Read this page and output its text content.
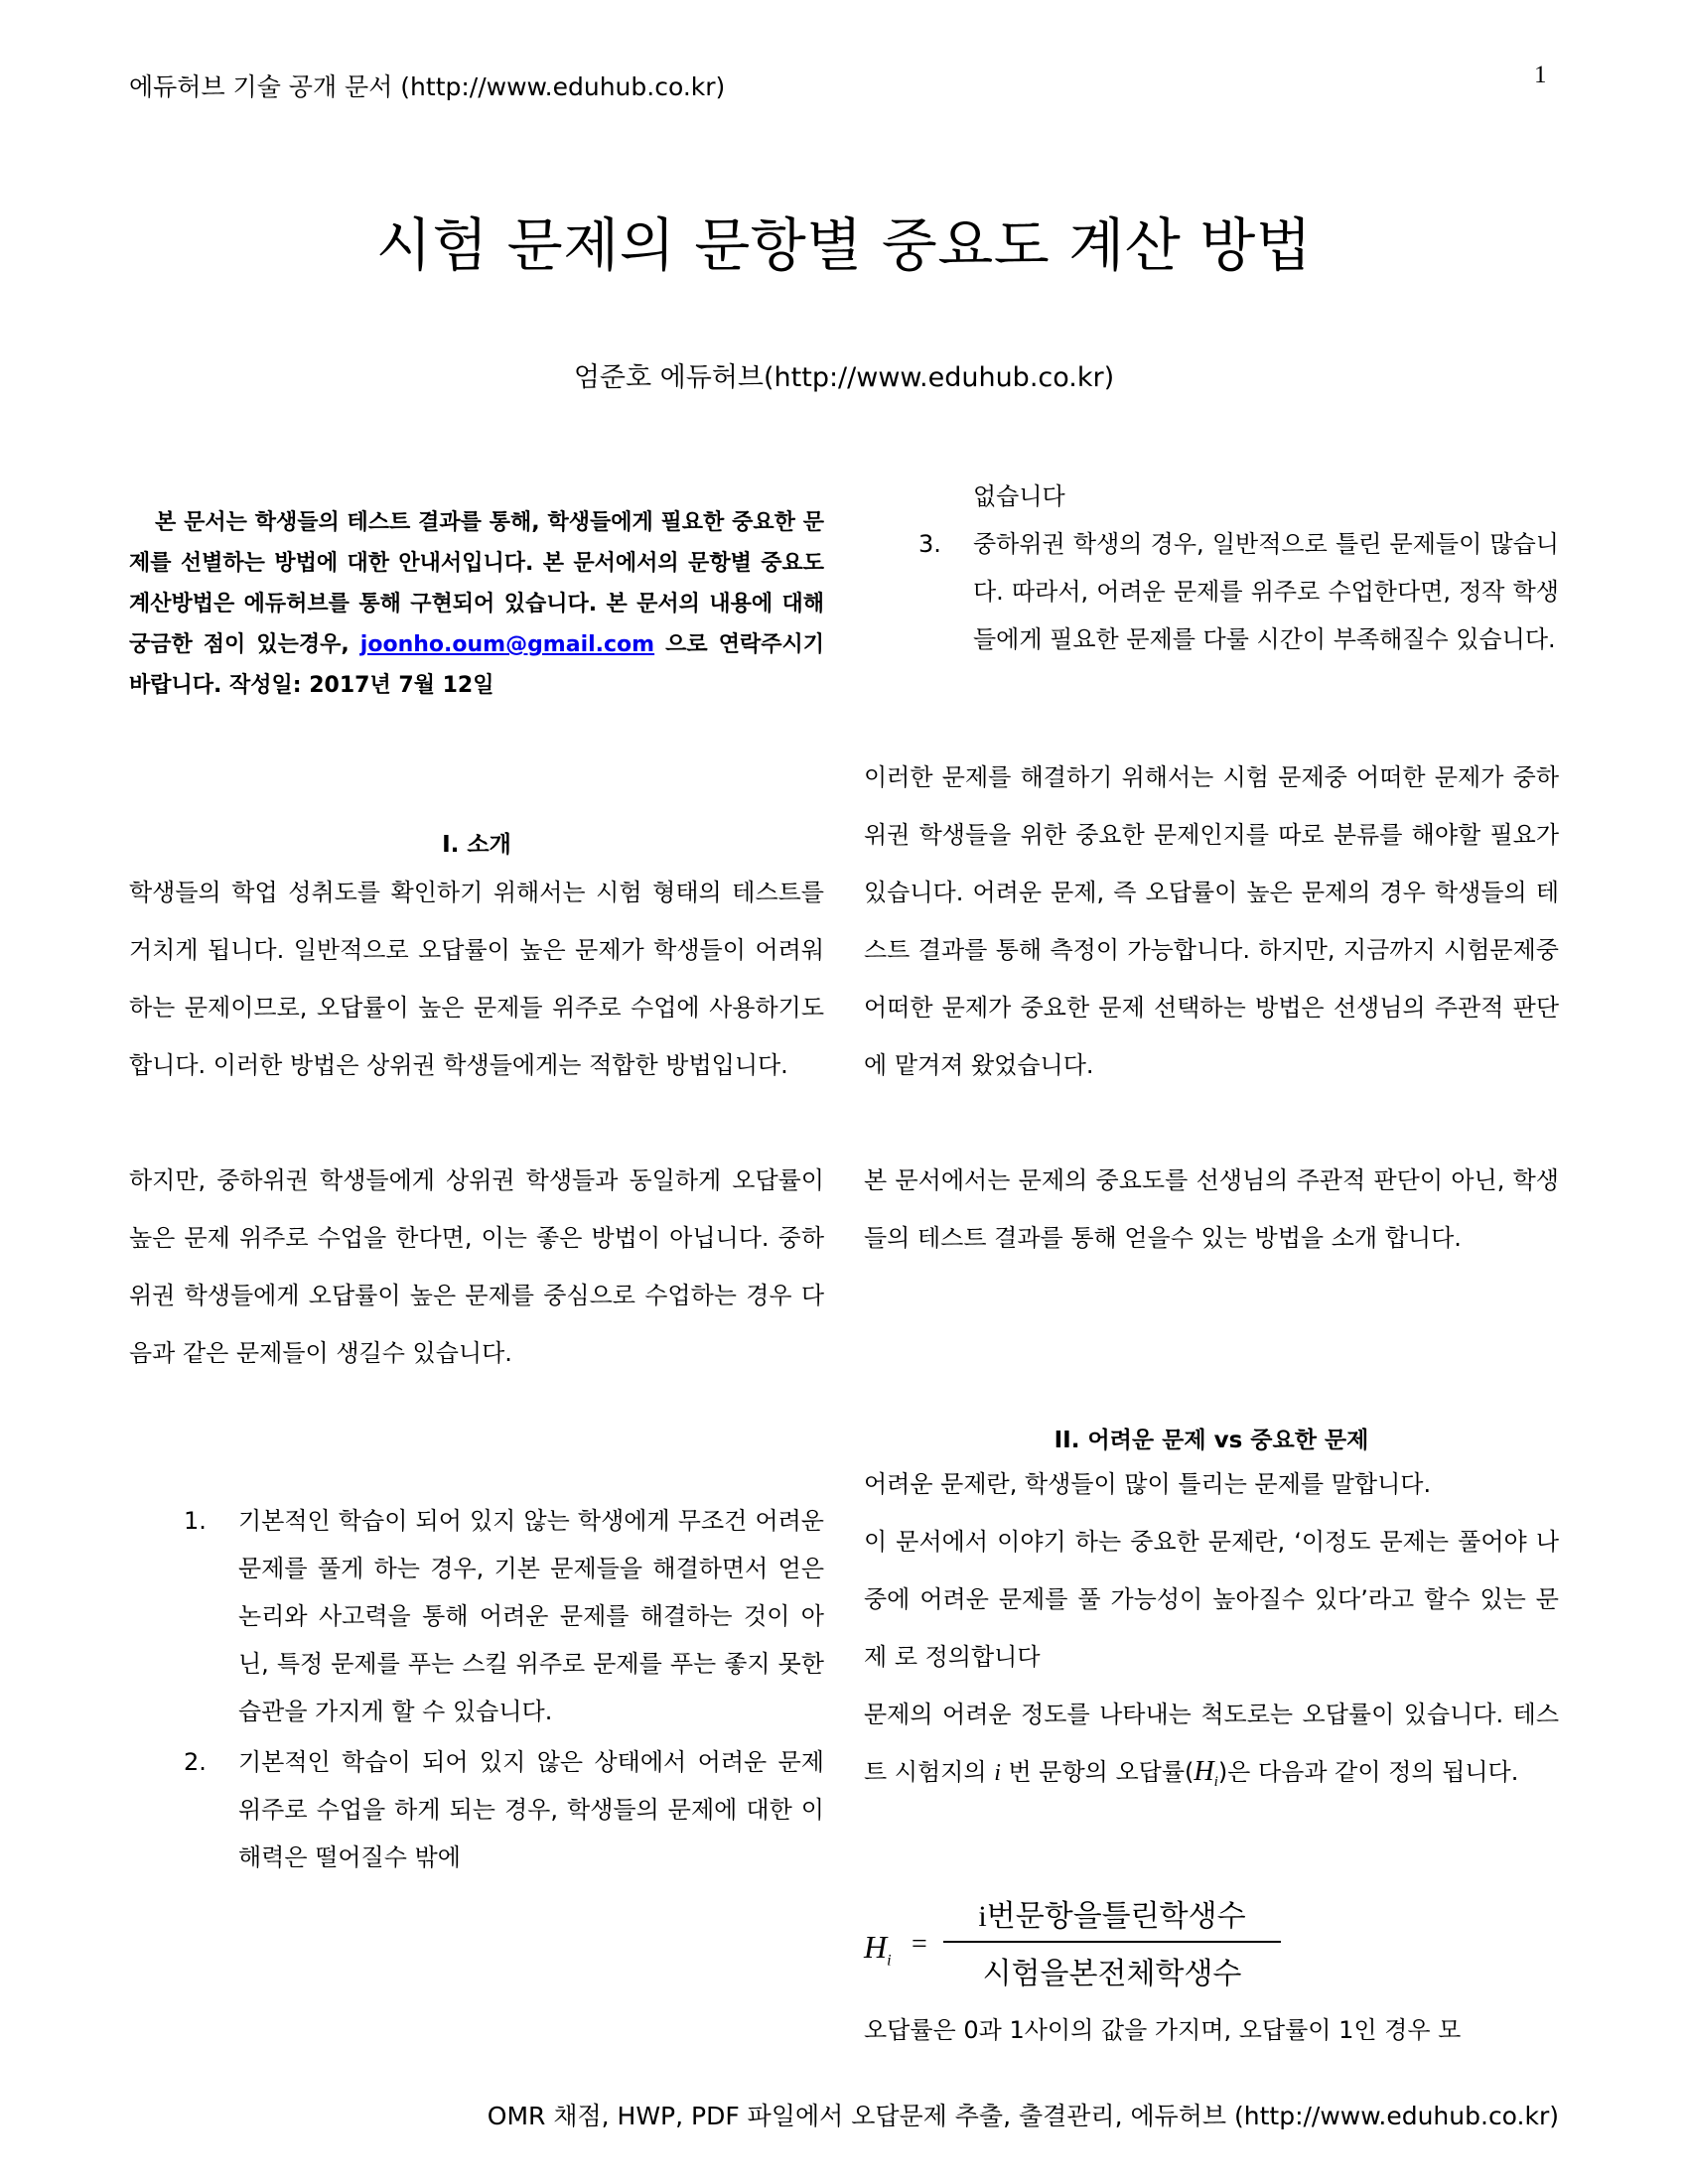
에듀허브 기술 공개 문서 (http://www.eduhub.co.kr)	1
시험 문제의 문항별 중요도 계산 방법
엄준호 에듀허브(http://www.eduhub.co.kr)

본 문서는 학생들의 테스트 결과를 통해, 학생들에게 필요한 중요한 문제를 선별하는 방법에 대한 안내서입니다. 본 문서에서의 문항별 중요도 계산방법은 에듀허브를 통해 구현되어 있습니다. 본 문서의 내용에 대해 궁금한 점이 있는경우, joonho.oum@gmail.com 으로 연락주시기 바랍니다. 작성일: 2017년 7월 12일

I. 소개

학생들의 학업 성취도를 확인하기 위해서는 시험 형태의 테스트를 거치게 됩니다. 일반적으로 오답률이 높은 문제가 학생들이 어려워 하는 문제이므로, 오답률이 높은 문제들 위주로 수업에 사용하기도 합니다. 이러한 방법은 상위권 학생들에게는 적합한 방법입니다.

하지만, 중하위권 학생들에게 상위권 학생들과 동일하게 오답률이 높은 문제 위주로 수업을 한다면, 이는 좋은 방법이 아닙니다. 중하위권 학생들에게 오답률이 높은 문제를 중심으로 수업하는 경우 다음과 같은 문제들이 생길수 있습니다.

1. 기본적인 학습이 되어 있지 않는 학생에게 무조건 어려운 문제를 풀게 하는 경우, 기본 문제들을 해결하면서 얻은 논리와 사고력을 통해 어려운 문제를 해결하는 것이 아닌, 특정 문제를 푸는 스킬 위주로 문제를 푸는 좋지 못한 습관을 가지게 할 수 있습니다.
2. 기본적인 학습이 되어 있지 않은 상태에서 어려운 문제 위주로 수업을 하게 되는 경우, 학생들의 문제에 대한 이해력은 떨어질수 밖에

없습니다

3. 중하위권 학생의 경우, 일반적으로 틀린 문제들이 많습니다. 따라서, 어려운 문제를 위주로 수업한다면, 정작 학생들에게 필요한 문제를 다룰 시간이 부족해질수 있습니다.

이러한 문제를 해결하기 위해서는 시험 문제중 어떠한 문제가 중하위권 학생들을 위한 중요한 문제인지를 따로 분류를 해야할 필요가 있습니다. 어려운 문제, 즉 오답률이 높은 문제의 경우 학생들의 테스트 결과를 통해 측정이 가능합니다. 하지만, 지금까지 시험문제중 어떠한 문제가 중요한 문제 선택하는 방법은 선생님의 주관적 판단에 맡겨져 왔었습니다.

본 문서에서는 문제의 중요도를 선생님의 주관적 판단이 아닌, 학생들의 테스트 결과를 통해 얻을수 있는 방법을 소개 합니다.

II. 어려운 문제 vs 중요한 문제

어려운 문제란, 학생들이 많이 틀리는 문제를 말합니다.

이 문서에서 이야기 하는 중요한 문제란, ‘이정도 문제는 풀어야 나중에 어려운 문제를 풀 가능성이 높아질수 있다’라고 할수 있는 문제 로 정의합니다

문제의 어려운 정도를 나타내는 척도로는 오답률이 있습니다. 테스트 시험지의 i 번 문항의 오답률$(H_i)$은 다음과 같이 정의 됩니다.

$H_i$
=
i번문항을틀린학생수
시험을본전체학생수

오답률은 0과 1사이의 값을 가지며, 오답률이 1인 경우 모

OMR 채점, HWP, PDF 파일에서 오답문제 추출, 출결관리, 에듀허브 (http://www.eduhub.co.kr)
